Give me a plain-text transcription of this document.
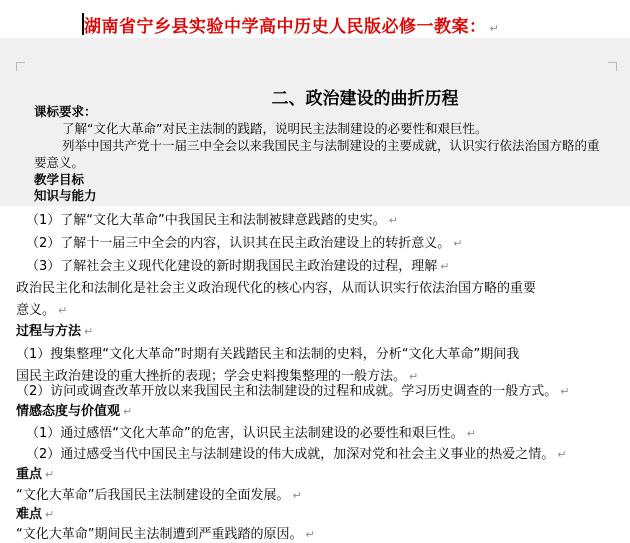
湖南省宁乡县实验中学高中历史人民版必修一教案： ↵
二、政治建设的曲折历程
课标要求：
了解“文化大革命”对民主法制的践踏，说明民主法制建设的必要性和艰巨性。
列举中国共产党十一届三中全会以来我国民主与法制建设的主要成就，认识实行依法治国方略的重
要意义。
教学目标
知识与能力
（1）了解“文化大革命”中我国民主和法制被肆意践踏的史实。 ↵
（2）了解十一届三中全会的内容，认识其在民主政治建设上的转折意义。 ↵
（3）了解社会主义现代化建设的新时期我国民主政治建设的过程，理解 ↵
政治民主化和法制化是社会主义政治现代化的核心内容，从而认识实行依法治国方略的重要
意义。 ↵
过程与方法 ↵
（1）搜集整理“文化大革命”时期有关践踏民主和法制的史料，分析“文化大革命”期间我
国民主政治建设的重大挫折的表现；学会史料搜集整理的一般方法。 ↵
（2）访问或调查改革开放以来我国民主和法制建设的过程和成就。学习历史调查的一般方式。 ↵
情感态度与价值观 ↵
（1）通过感悟“文化大革命”的危害，认识民主法制建设的必要性和艰巨性。 ↵
（2）通过感受当代中国民主与法制建设的伟大成就，加深对党和社会主义事业的热爱之情。 ↵
重点 ↵
“文化大革命”后我国民主法制建设的全面发展。 ↵
难点 ↵
“文化大革命”期间民主法制遭到严重践踏的原因。 ↵
